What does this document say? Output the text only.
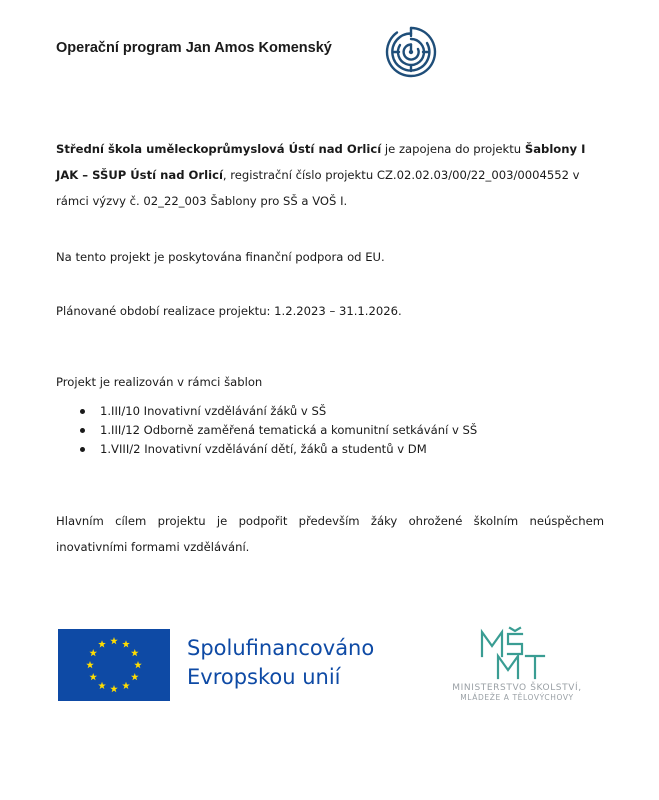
Operační program Jan Amos Komenský
Střední škola uměleckoprůmyslová Ústí nad Orlicí je zapojena do projektu Šablony I JAK – SŠUP Ústí nad Orlicí, registrační číslo projektu CZ.02.02.03/00/22_003/0004552 v rámci výzvy č. 02_22_003 Šablony pro SŠ a VOŠ I.
Na tento projekt je poskytována finanční podpora od EU.
Plánované období realizace projektu: 1.2.2023 – 31.1.2026.
Projekt je realizován v rámci šablon
1.III/10 Inovativní vzdělávání žáků v SŠ
1.III/12 Odborně zaměřená tematická a komunitní setkávání v SŠ
1.VIII/2 Inovativní vzdělávání dětí, žáků a studentů v DM
Hlavním cílem projektu je podpořit především žáky ohrožené školním neúspěchem
inovativními formami vzdělávání.
Spolufinancováno
Evropskou unií	MINISTERSTVO ŠKOLSTVÍ,
MLÁDEŽE A TĚLOVÝCHOVY
